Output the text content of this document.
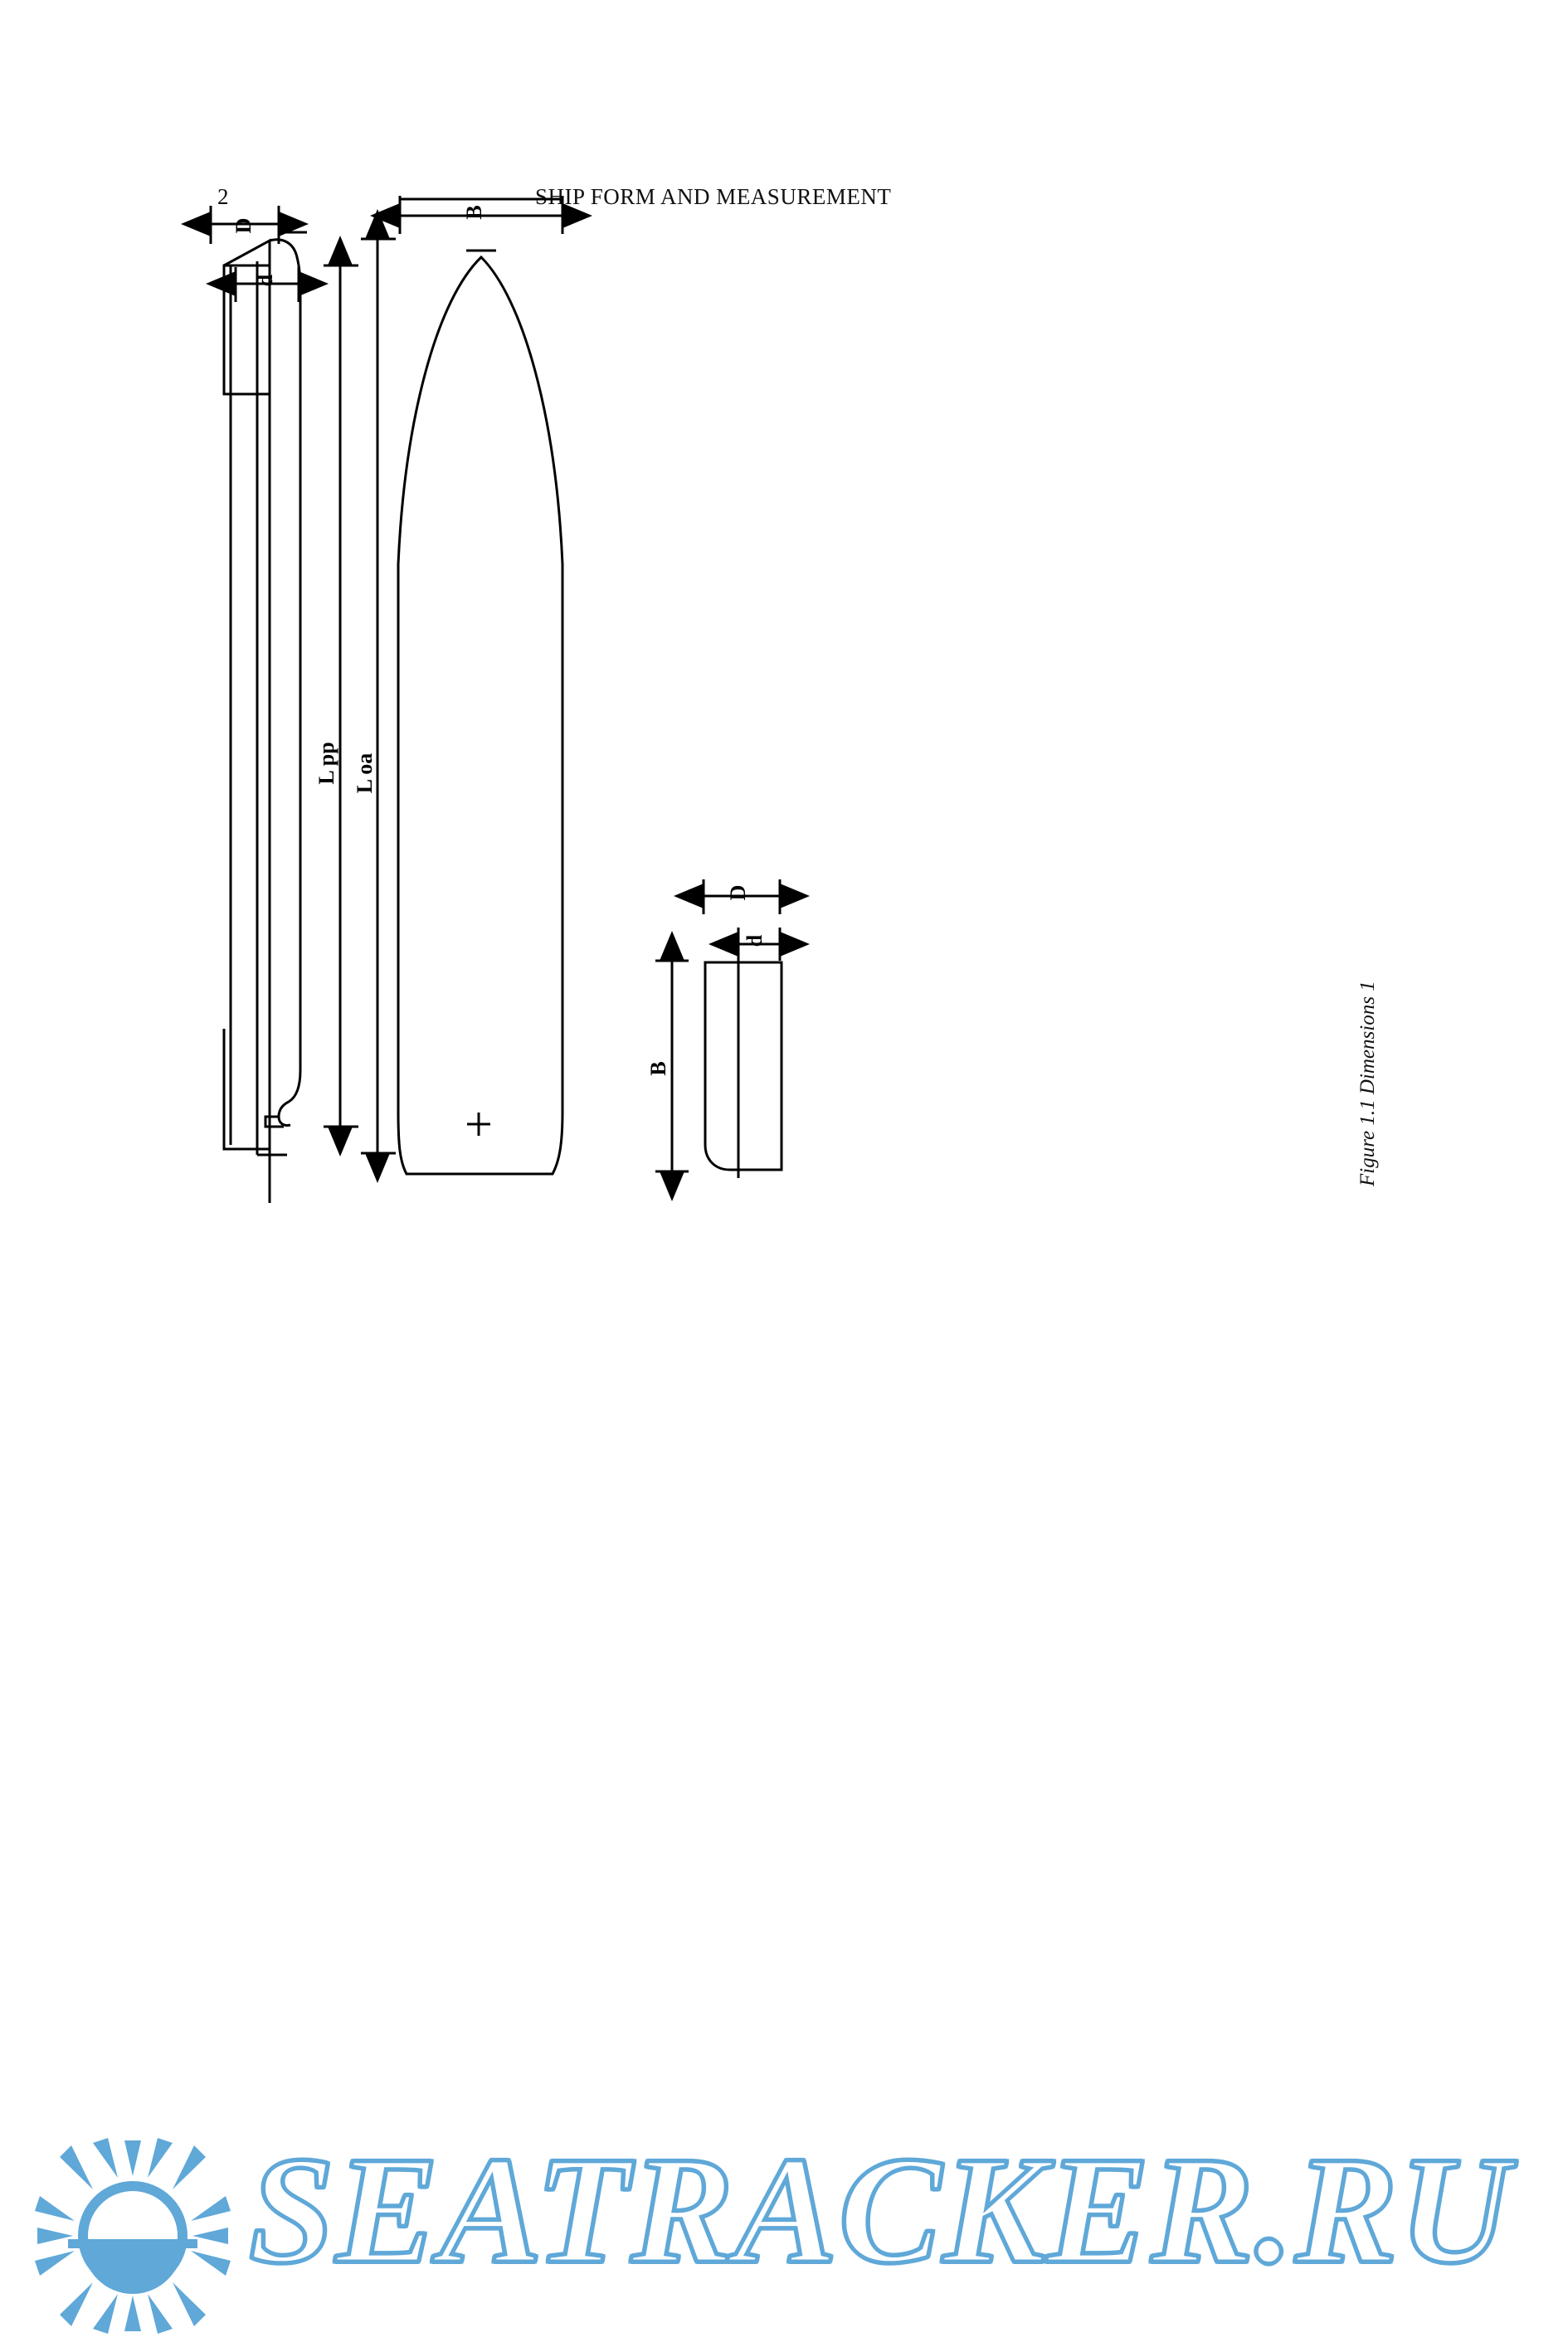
2	SHIP FORM AND MEASUREMENT
D
d
B
L pp L oa
D
d
B	Figure 1.1 Dimensions 1
SEATRACKER.RU
